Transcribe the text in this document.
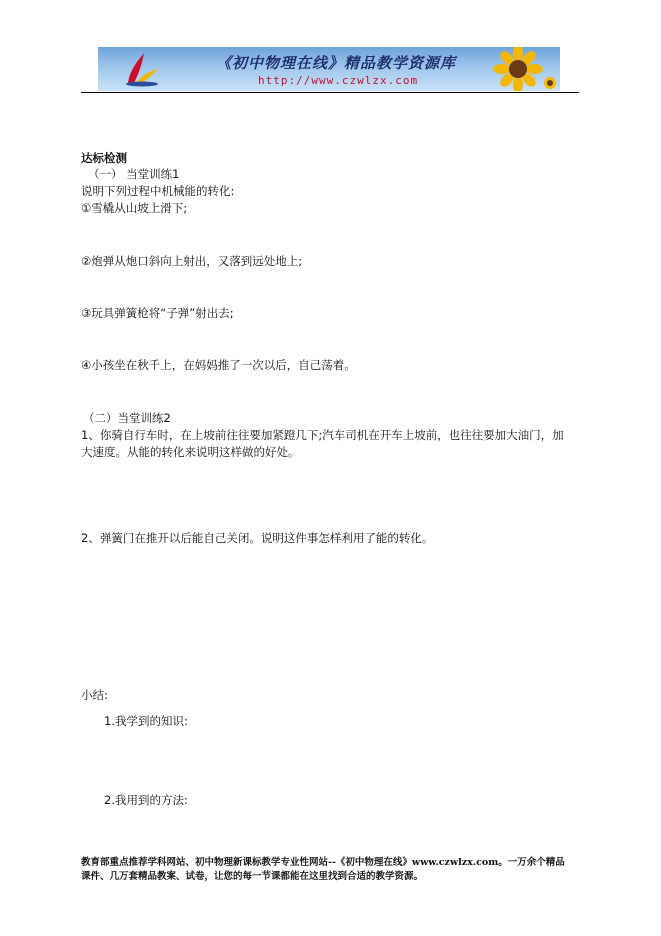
《初中物理在线》精品教学资源库
http://www.czwlzx.com
达标检测
（一） 当堂训练1
说明下列过程中机械能的转化:
①雪橇从山坡上滑下;
②炮弹从炮口斜向上射出，又落到远处地上;
③玩具弹簧枪将“子弹”射出去;
④小孩坐在秋千上，在妈妈推了一次以后，自己荡着。
（二）当堂训练2
1、你骑自行车时，在上坡前往往要加紧蹬几下;汽车司机在开车上坡前，也往往要加大油门，加
大速度。从能的转化来说明这样做的好处。
2、弹簧门在推开以后能自己关闭。说明这件事怎样利用了能的转化。
小结:
1.我学到的知识:
2.我用到的方法:
教育部重点推荐学科网站、初中物理新课标教学专业性网站--《初中物理在线》www.czwlzx.com。一万余个精品
课件、几万套精品教案、试卷，让您的每一节课都能在这里找到合适的教学资源。
